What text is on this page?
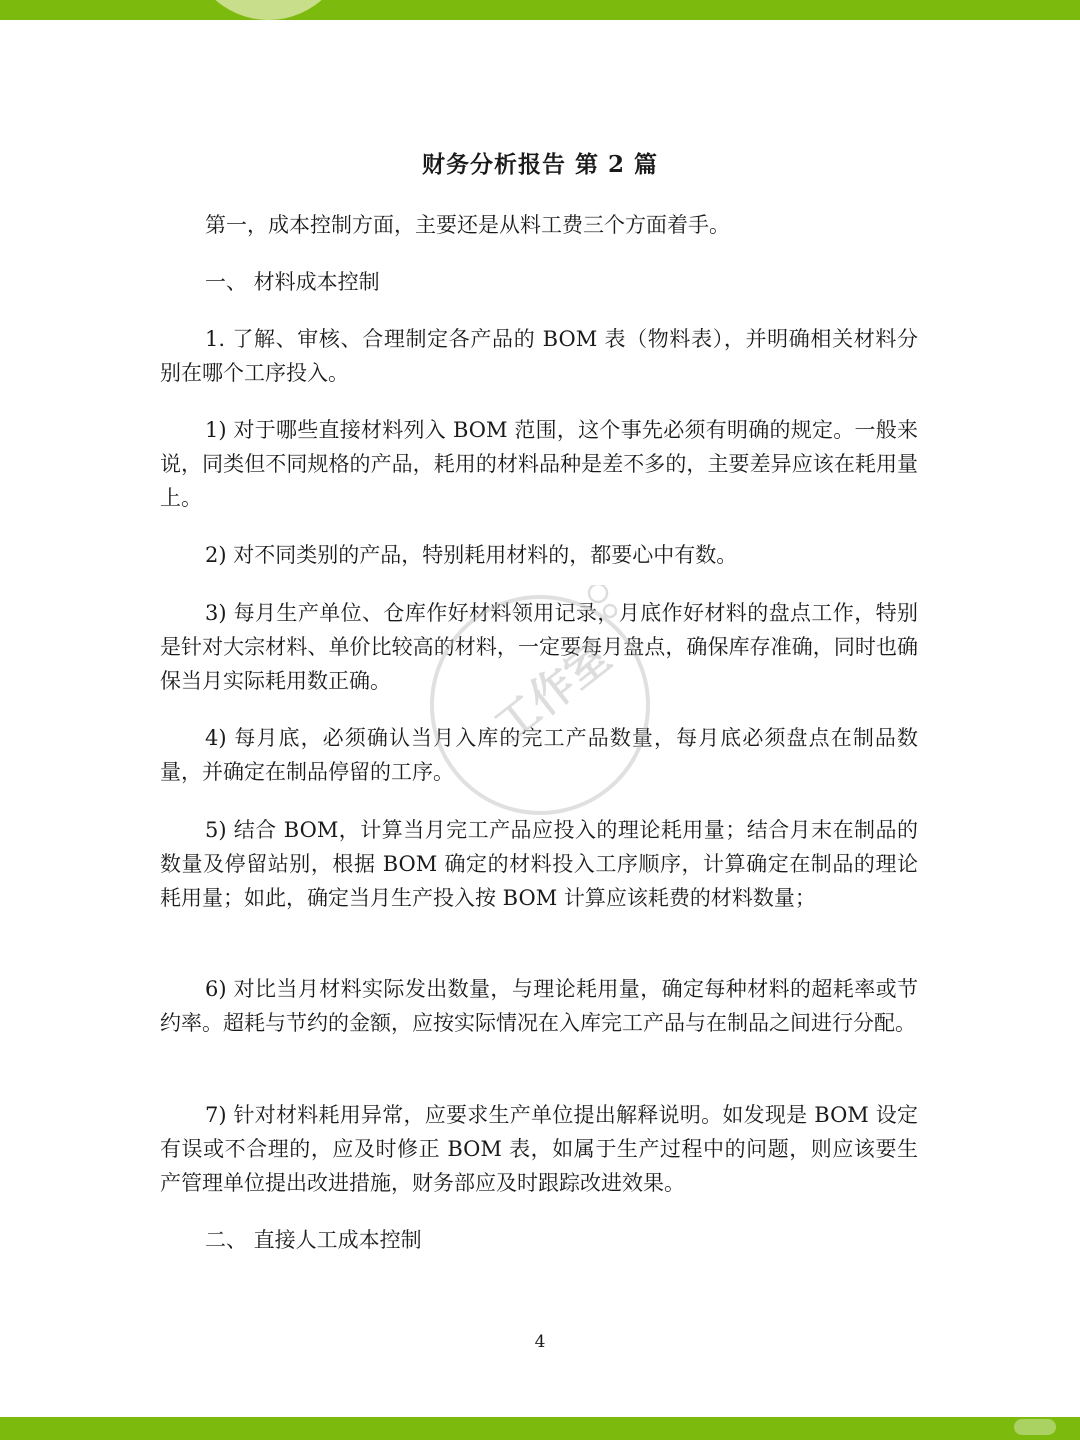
财务分析报告 第 2 篇

第一，成本控制方面，主要还是从料工费三个方面着手。

一、 材料成本控制

1. 了解、审核、合理制定各产品的 BOM 表（物料表），并明确相关材料分别在哪个工序投入。

1) 对于哪些直接材料列入 BOM 范围，这个事先必须有明确的规定。一般来说，同类但不同规格的产品，耗用的材料品种是差不多的，主要差异应该在耗用量上。

2) 对不同类别的产品，特别耗用材料的，都要心中有数。

3) 每月生产单位、仓库作好材料领用记录，月底作好材料的盘点工作，特别是针对大宗材料、单价比较高的材料，一定要每月盘点，确保库存准确，同时也确保当月实际耗用数正确。

4) 每月底，必须确认当月入库的完工产品数量，每月底必须盘点在制品数量，并确定在制品停留的工序。

5) 结合 BOM，计算当月完工产品应投入的理论耗用量；结合月末在制品的数量及停留站别，根据 BOM 确定的材料投入工序顺序，计算确定在制品的理论耗用量；如此，确定当月生产投入按 BOM 计算应该耗费的材料数量；

6) 对比当月材料实际发出数量，与理论耗用量，确定每种材料的超耗率或节约率。超耗与节约的金额，应按实际情况在入库完工产品与在制品之间进行分配。

7) 针对材料耗用异常，应要求生产单位提出解释说明。如发现是 BOM 设定有误或不合理的，应及时修正 BOM 表，如属于生产过程中的问题，则应该要生产管理单位提出改进措施，财务部应及时跟踪改进效果。

二、 直接人工成本控制

工作室
4
